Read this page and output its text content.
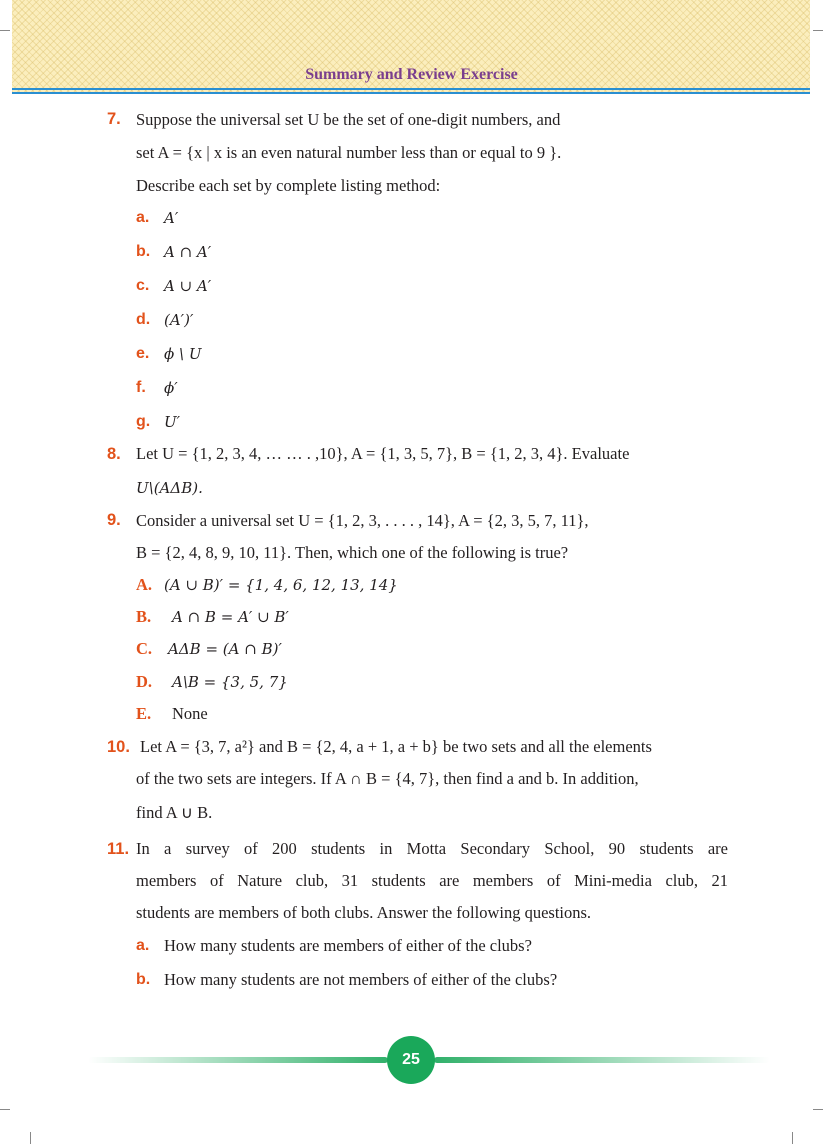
Summary and Review Exercise
7. Suppose the universal set U be the set of one-digit numbers, and
set A = {x | x is an even natural number less than or equal to 9 }.
Describe each set by complete listing method:
a. A′
b. A ∩ A′
c. A ∪ A′
d. (A′)′
e. ϕ \ U
f. ϕ′
g. U′
8. Let U = {1, 2, 3, 4, … … . ,10}, A = {1, 3, 5, 7}, B = {1, 2, 3, 4}. Evaluate
U\(AΔB).
9. Consider a universal set U = {1, 2, 3, . . . . , 14}, A = {2, 3, 5, 7, 11},
B = {2, 4, 8, 9, 10, 11}. Then, which one of the following is true?
A. (A ∪ B)′ = {1, 4, 6, 12, 13, 14}
B. A ∩ B = A′ ∪ B′
C. AΔB = (A ∩ B)′
D. A\B = {3, 5, 7}
E. None
10. Let A = {3, 7, a²} and B = {2, 4, a + 1, a + b} be two sets and all the elements
of the two sets are integers. If A ∩ B = {4, 7}, then find a and b. In addition,
find A ∪ B.
11. In a survey of 200 students in Motta Secondary School, 90 students are
members of Nature club, 31 students are members of Mini-media club, 21
students are members of both clubs. Answer the following questions.
a. How many students are members of either of the clubs?
b. How many students are not members of either of the clubs?
25
